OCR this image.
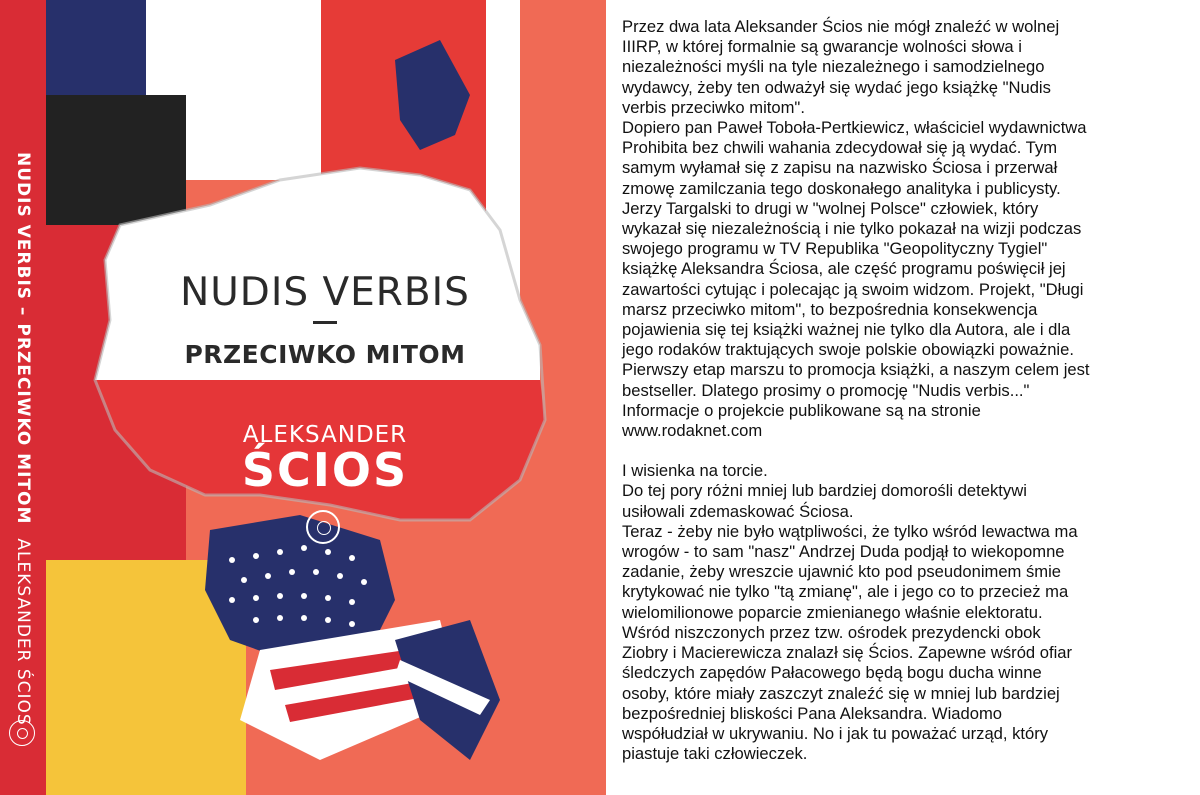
NUDIS VERBIS – PRZECIWKO MITOMALEKSANDER ŚCIOS
NUDIS VERBIS
PRZECIWKO MITOM
ALEKSANDER
ŚCIOS

Przez dwa lata Aleksander Ścios nie mógł znaleźć w wolnej

IIIRP, w której formalnie są gwarancje wolności słowa i

niezależności myśli na tyle niezależnego i samodzielnego

wydawcy, żeby ten odważył się wydać jego książkę "Nudis

verbis przeciwko mitom".

Dopiero pan Paweł Toboła-Pertkiewicz, właściciel wydawnictwa

Prohibita bez chwili wahania zdecydował się ją wydać. Tym

samym wyłamał się z zapisu na nazwisko Ściosa i przerwał

zmowę zamilczania tego doskonałego analityka i publicysty.

Jerzy Targalski to drugi w "wolnej Polsce" człowiek, który

wykazał się niezależnością i nie tylko pokazał na wizji podczas

swojego programu w TV Republika "Geopolityczny Tygiel"

książkę Aleksandra Ściosa, ale część programu poświęcił jej

zawartości cytując i polecając ją swoim widzom. Projekt, "Długi

marsz przeciwko mitom", to bezpośrednia konsekwencja

pojawienia się tej książki ważnej nie tylko dla Autora, ale i dla

jego rodaków traktujących swoje polskie obowiązki poważnie.

Pierwszy etap marszu to promocja książki, a naszym celem jest

bestseller. Dlatego prosimy o promocję "Nudis verbis..."

Informacje o projekcie publikowane są na stronie

www.rodaknet.com

I wisienka na torcie.

Do tej pory różni mniej lub bardziej domorośli detektywi

usiłowali zdemaskować Ściosa.

Teraz - żeby nie było wątpliwości, że tylko wśród lewactwa ma

wrogów - to sam "nasz" Andrzej Duda podjął to wiekopomne

zadanie, żeby wreszcie ujawnić kto pod pseudonimem śmie

krytykować nie tylko "tą zmianę", ale i jego co to przecież ma

wielomilionowe poparcie zmienianego właśnie elektoratu.

Wśród niszczonych przez tzw. ośrodek prezydencki obok

Ziobry i Macierewicza znalazł się Ścios. Zapewne wśród ofiar

śledczych zapędów Pałacowego będą bogu ducha winne

osoby, które miały zaszczyt znaleźć się w mniej lub bardziej

bezpośredniej bliskości Pana Aleksandra. Wiadomo

współudział w ukrywaniu. No i jak tu poważać urząd, który

piastuje taki człowieczek.
